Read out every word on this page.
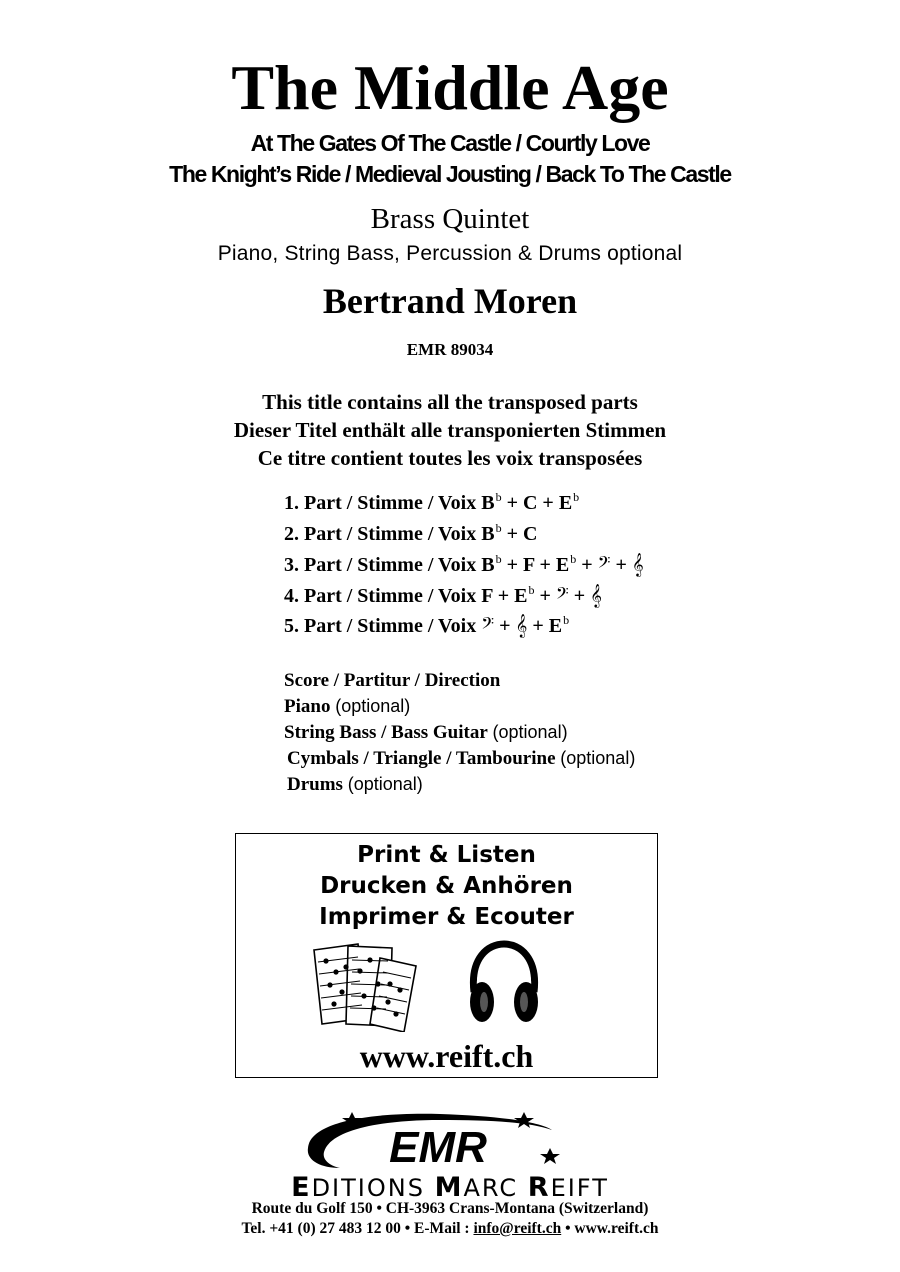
The Middle Age
At The Gates Of The Castle / Courtly Love
The Knight’s Ride / Medieval Jousting / Back To The Castle
Brass Quintet
Piano, String Bass, Percussion & Drums optional
Bertrand Moren
EMR 89034
This title contains all the transposed parts
Dieser Titel enthält alle transponierten Stimmen
Ce titre contient toutes les voix transposées
1. Part / Stimme / Voix $B^b + C + E^b$
2. Part / Stimme / Voix $B^b + C$
3. Part / Stimme / Voix $B^b + F + E^b$ + 𝄢 + 𝄞
4. Part / Stimme / Voix $F + E^b$ + 𝄢 + 𝄞
5. Part / Stimme / Voix 𝄢 + 𝄞 + $E^b$
Score / Partitur / Direction
Piano (optional)
String Bass / Bass Guitar (optional)
Cymbals / Triangle / Tambourine (optional)
Drums (optional)
Print & Listen
Drucken & Anhören
Imprimer & Ecouter
www.reift.ch
EMR
EDITIONS MARC REIFT
Route du Golf 150 • CH-3963 Crans-Montana (Switzerland)
Tel. +41 (0) 27 483 12 00 • E-Mail : info@reift.ch • www.reift.ch
